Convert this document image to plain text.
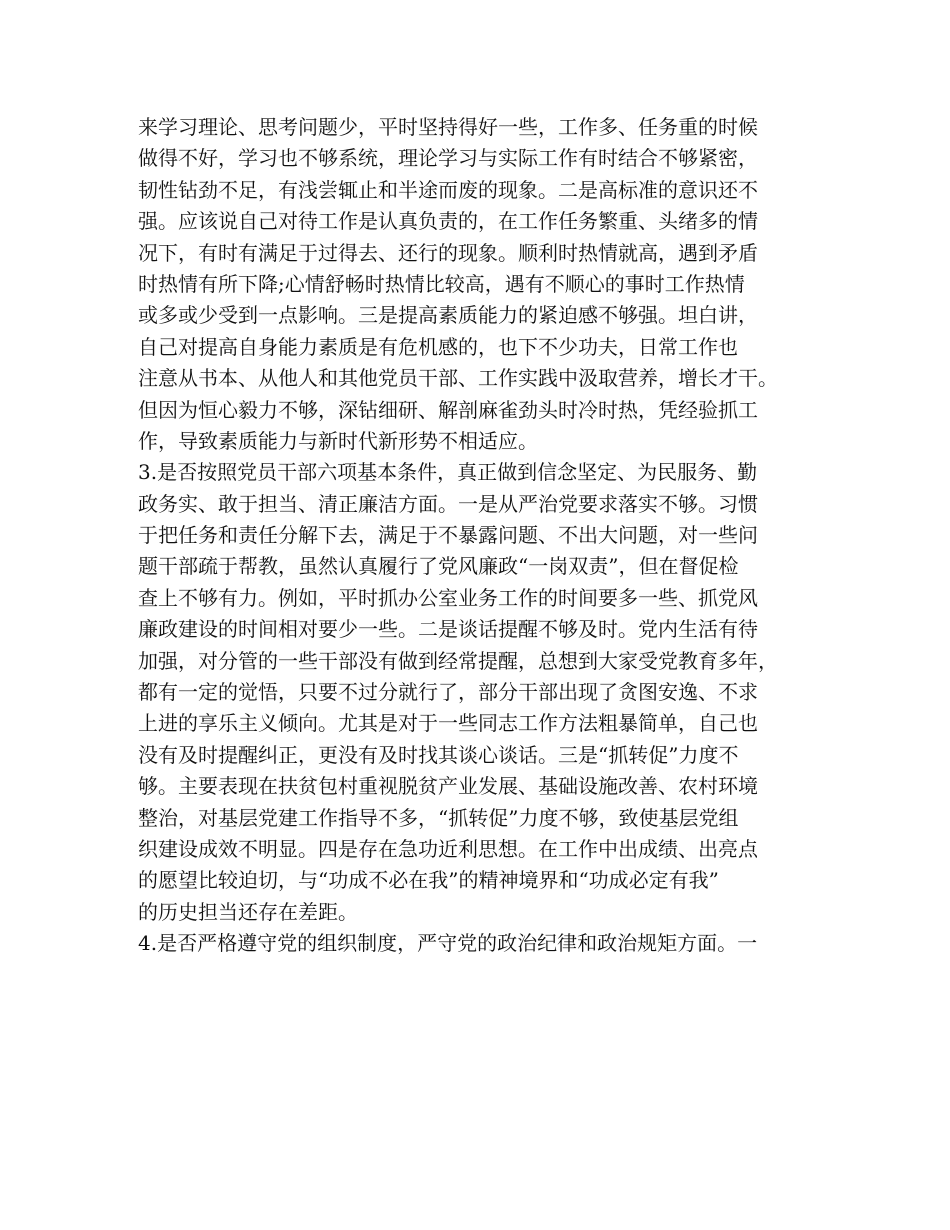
来学习理论、思考问题少，平时坚持得好一些，工作多、任务重的时候
做得不好，学习也不够系统，理论学习与实际工作有时结合不够紧密，
韧性钻劲不足，有浅尝辄止和半途而废的现象。二是高标准的意识还不
强。应该说自己对待工作是认真负责的，在工作任务繁重、头绪多的情
况下，有时有满足于过得去、还行的现象。顺利时热情就高，遇到矛盾
时热情有所下降;心情舒畅时热情比较高，遇有不顺心的事时工作热情
或多或少受到一点影响。三是提高素质能力的紧迫感不够强。坦白讲，
自己对提高自身能力素质是有危机感的，也下不少功夫，日常工作也
注意从书本、从他人和其他党员干部、工作实践中汲取营养，增长才干。
但因为恒心毅力不够，深钻细研、解剖麻雀劲头时冷时热，凭经验抓工
作，导致素质能力与新时代新形势不相适应。
3.是否按照党员干部六项基本条件，真正做到信念坚定、为民服务、勤
政务实、敢于担当、清正廉洁方面。一是从严治党要求落实不够。习惯
于把任务和责任分解下去，满足于不暴露问题、不出大问题，对一些问
题干部疏于帮教，虽然认真履行了党风廉政“一岗双责”，但在督促检
查上不够有力。例如，平时抓办公室业务工作的时间要多一些、抓党风
廉政建设的时间相对要少一些。二是谈话提醒不够及时。党内生活有待
加强，对分管的一些干部没有做到经常提醒，总想到大家受党教育多年，
都有一定的觉悟，只要不过分就行了，部分干部出现了贪图安逸、不求
上进的享乐主义倾向。尤其是对于一些同志工作方法粗暴简单，自己也
没有及时提醒纠正，更没有及时找其谈心谈话。三是“抓转促”力度不
够。主要表现在扶贫包村重视脱贫产业发展、基础设施改善、农村环境
整治，对基层党建工作指导不多，“抓转促”力度不够，致使基层党组
织建设成效不明显。四是存在急功近利思想。在工作中出成绩、出亮点
的愿望比较迫切，与“功成不必在我”的精神境界和“功成必定有我”
的历史担当还存在差距。
4.是否严格遵守党的组织制度，严守党的政治纪律和政治规矩方面。一
